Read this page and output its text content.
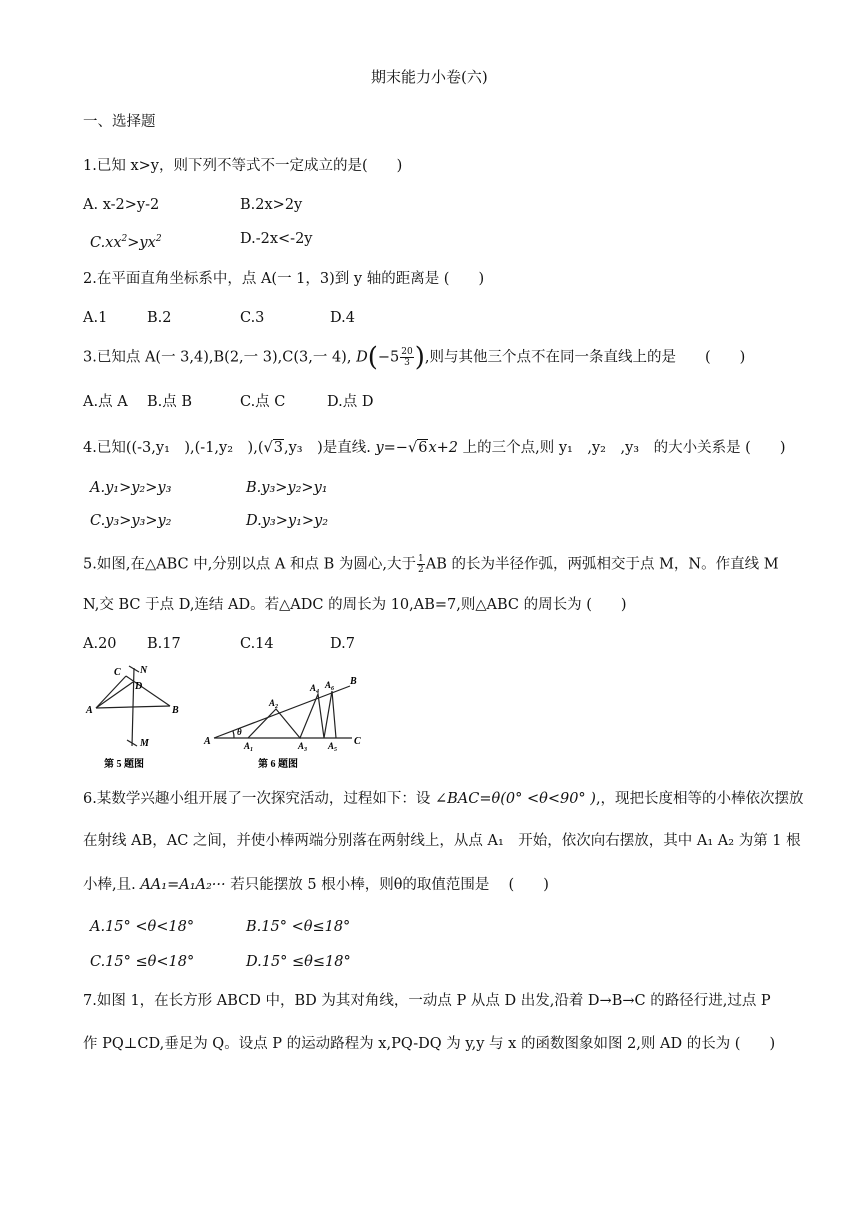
期末能力小卷(六)
一、选择题
1.已知 x>y，则下列不等式不一定成立的是(　　)
A. x-2>y-2	B.2x>2y
$C.xx^2>yx^2$	D.-2x<-2y
2.在平面直角坐标系中，点 A(一 1，3)到 y 轴的距离是 (　　)
A.1	B.2	C.3	D.4
3.已知点 A(一 3,4),B(2,一 3),C(3,一 4), $D(-5 \frac{20}{3}$ ),则与其他三个点不在同一条直线上的是　　(　　)
A.点 A B.点 B	C.点 C	D.点 D
4.已知((-3,y₁　),(-1,y₂　),(√3,y₃　)是直线. y=−√6x+2 上的三个点,则 y₁　,y₂　,y₃　的大小关系是 (　　)
A.y₁>y₂>y₃	B.y₃>y₂>y₁
C.y₃>y₃>y₂	D.y₃>y₁>y₂
5.如图,在△ABC 中,分别以点 A 和点 B 为圆心,大于 $\frac{1}{2}$ AB 的长为半径作弧，两弧相交于点 M，N。作直线 M
N,交 BC 于点 D,连结 AD。若△ADC 的周长为 10,AB=7,则△ABC 的周长为 (　　)
A.20 B.17	C.14	D.7
C N
D
A	B
M
第 5 题图
A
θ
B
C
$A_1$
$A_2$
$A_3$
$A_4$
$A_5$
$A_6$
第 6 题图
6.某数学兴趣小组开展了一次探究活动，过程如下：设 ∠BAC=θ(0° <θ<90° ),，现把长度相等的小棒依次摆放
在射线 AB，AC 之间，并使小棒两端分别落在两射线上，从点 A₁　开始，依次向右摆放，其中 A₁ A₂ 为第 1 根
小棒,且. AA₁=A₁A₂··· 若只能摆放 5 根小棒，则θ的取值范围是　 (　　)
A.15° <θ<18°	B.15° <θ≤18°
C.15° ≤θ<18°	D.15° ≤θ≤18°
7.如图 1，在长方形 ABCD 中，BD 为其对角线，一动点 P 从点 D 出发,沿着 D→B→C 的路径行进,过点 P
作 PQ⊥CD,垂足为 Q。设点 P 的运动路程为 x,PQ-DQ 为 y,y 与 x 的函数图象如图 2,则 AD 的长为 (　　)
